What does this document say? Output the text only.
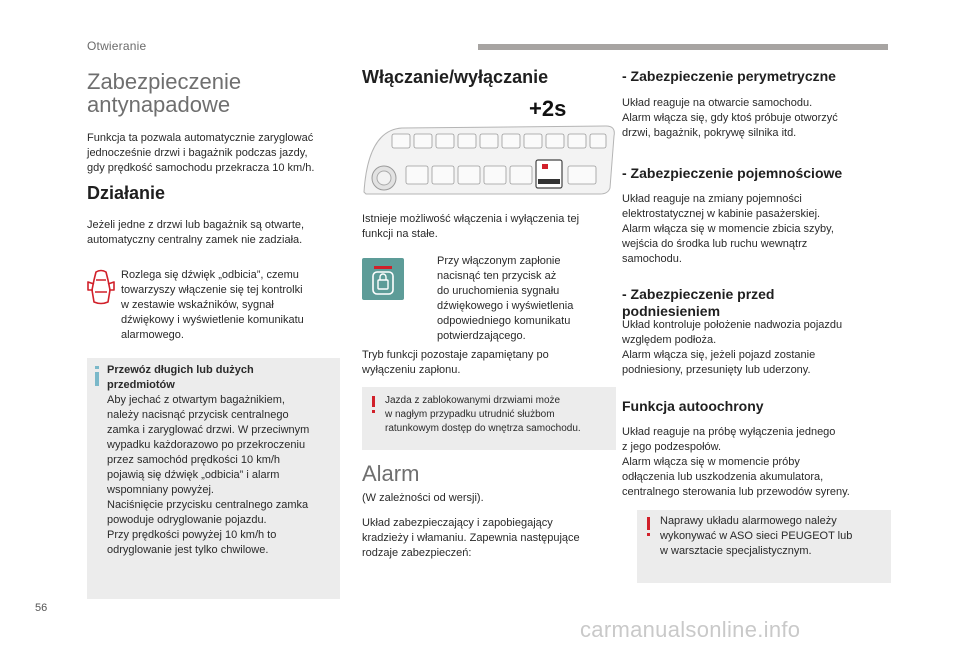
Otwieranie
Zabezpieczenie
antynapadowe
Funkcja ta pozwala automatycznie zaryglować
jednocześnie drzwi i bagażnik podczas jazdy,
gdy prędkość samochodu przekracza 10 km/h.
Działanie
Jeżeli jedne z drzwi lub bagażnik są otwarte,
automatyczny centralny zamek nie zadziała.
Rozlega się dźwięk „odbicia”, czemu
towarzyszy włączenie się tej kontrolki
w zestawie wskaźników, sygnał
dźwiękowy i wyświetlenie komunikatu
alarmowego.
Przewóz długich lub dużych
przedmiotów
Aby jechać z otwartym bagażnikiem,
należy nacisnąć przycisk centralnego
zamka i zaryglować drzwi. W przeciwnym
wypadku każdorazowo po przekroczeniu
przez samochód prędkości 10 km/h
pojawią się dźwięk „odbicia” i alarm
wspomniany powyżej.
Naciśnięcie przycisku centralnego zamka
powoduje odryglowanie pojazdu.
Przy prędkości powyżej 10 km/h to
odryglowanie jest tylko chwilowe.
Włączanie/wyłączanie
+2s
Istnieje możliwość włączenia i wyłączenia tej
funkcji na stałe.
Przy włączonym zapłonie
nacisnąć ten przycisk aż
do uruchomienia sygnału
dźwiękowego i wyświetlenia
odpowiedniego komunikatu
potwierdzającego.
Tryb funkcji pozostaje zapamiętany po
wyłączeniu zapłonu.
Jazda z zablokowanymi drzwiami może
w nagłym przypadku utrudnić służbom
ratunkowym dostęp do wnętrza samochodu.
Alarm
(W zależności od wersji).
Układ zabezpieczający i zapobiegający
kradzieży i włamaniu. Zapewnia następujące
rodzaje zabezpieczeń:
- Zabezpieczenie perymetryczne
Układ reaguje na otwarcie samochodu.
Alarm włącza się, gdy ktoś próbuje otworzyć
drzwi, bagażnik, pokrywę silnika itd.
- Zabezpieczenie pojemnościowe
Układ reaguje na zmiany pojemności
elektrostatycznej w kabinie pasażerskiej.
Alarm włącza się w momencie zbicia szyby,
wejścia do środka lub ruchu wewnątrz
samochodu.
- Zabezpieczenie przed
podniesieniem
Układ kontroluje położenie nadwozia pojazdu
względem podłoża.
Alarm włącza się, jeżeli pojazd zostanie
podniesiony, przesunięty lub uderzony.
Funkcja autoochrony
Układ reaguje na próbę wyłączenia jednego
z jego podzespołów.
Alarm włącza się w momencie próby
odłączenia lub uszkodzenia akumulatora,
centralnego sterowania lub przewodów syreny.
Naprawy układu alarmowego należy
wykonywać w ASO sieci PEUGEOT lub
w warsztacie specjalistycznym.
56
carmanualsonline.info
